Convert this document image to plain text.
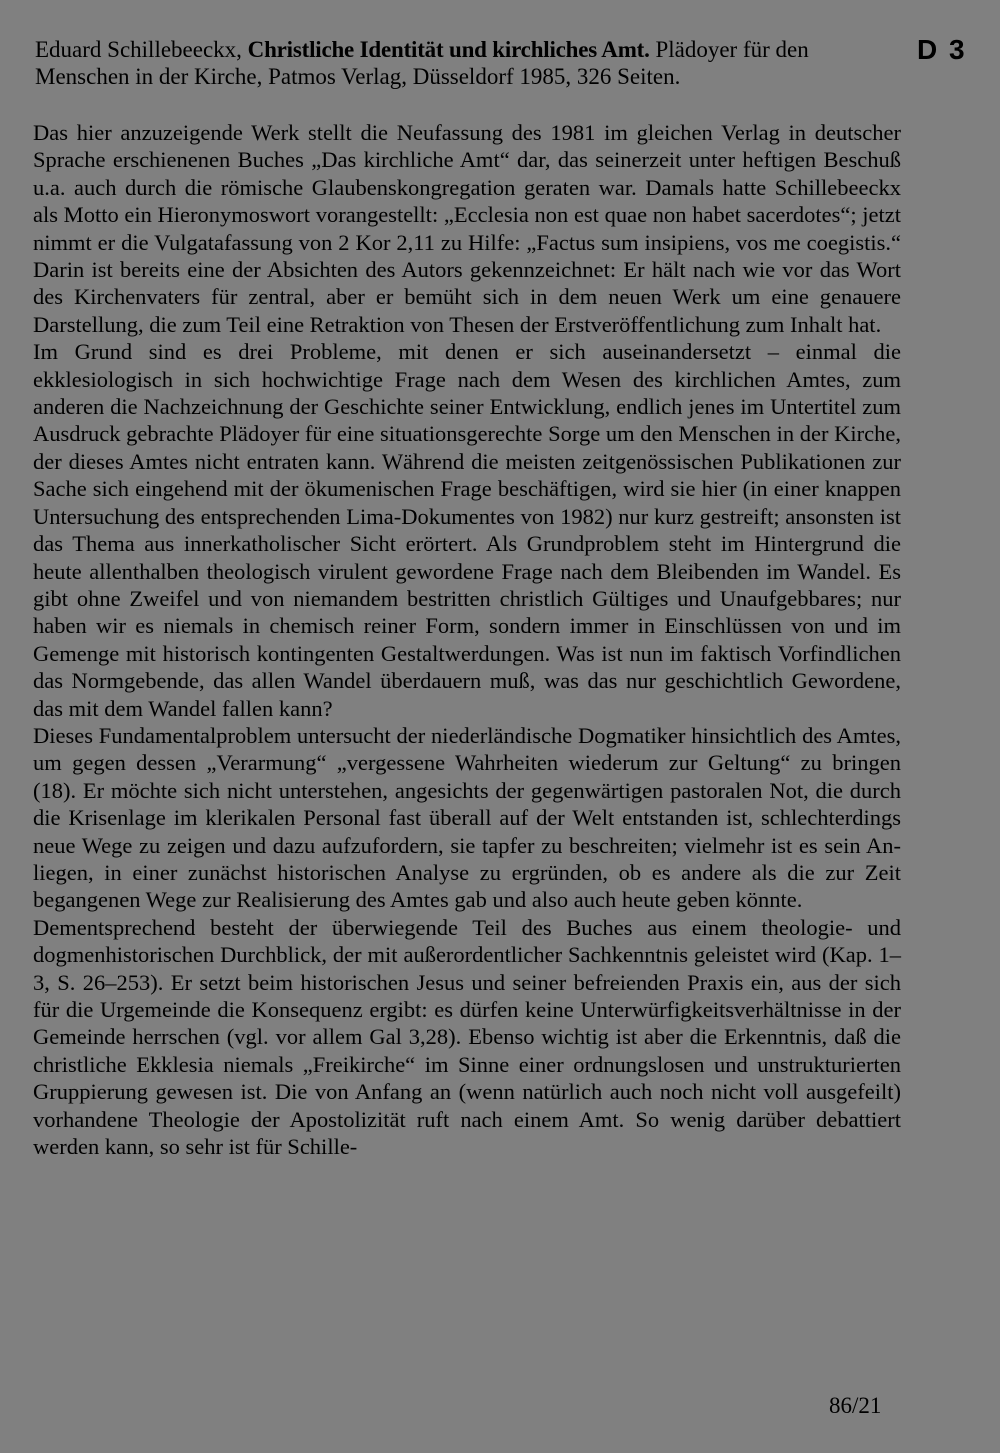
Eduard Schillebeeckx, Christliche Identität und kirchliches Amt. Plädoyer für den Menschen in der Kirche, Patmos Verlag, Düsseldorf 1985, 326 Seiten.
D 3

Das hier anzuzeigende Werk stellt die Neufassung des 1981 im gleichen Verlag in deutscher Sprache erschienenen Buches „Das kirchliche Amt“ dar, das seinerzeit unter heftigen Beschuß u.a. auch durch die römische Glaubenskongregation geraten war. Damals hatte Schillebeeckx als Motto ein Hieronymoswort vorangestellt: „Ecclesia non est quae non habet sacerdotes“; jetzt nimmt er die Vulgatafassung von 2 Kor 2,11 zu Hilfe: „Factus sum insipiens, vos me coegistis.“ Darin ist bereits eine der Absichten des Autors gekennzeichnet: Er hält nach wie vor das Wort des Kirchenvaters für zentral, aber er bemüht sich in dem neuen Werk um eine genauere Darstellung, die zum Teil eine Retraktion von Thesen der Erstveröffentlichung zum Inhalt hat.

Im Grund sind es drei Probleme, mit denen er sich auseinandersetzt – einmal die ekklesiologisch in sich hochwichtige Frage nach dem Wesen des kirchlichen Amtes, zum anderen die Nachzeichnung der Geschichte seiner Entwicklung, endlich jenes im Untertitel zum Ausdruck gebrachte Plädoyer für eine situationsgerechte Sorge um den Menschen in der Kirche, der dieses Amtes nicht entraten kann. Während die meisten zeitgenössischen Publikationen zur Sache sich eingehend mit der ökumenischen Frage beschäftigen, wird sie hier (in einer knappen Untersuchung des entsprechenden Lima-Dokumentes von 1982) nur kurz gestreift; ansonsten ist das Thema aus innerkatholischer Sicht erörtert. Als Grundproblem steht im Hintergrund die heute allenthalben theologisch virulent gewordene Frage nach dem Bleibenden im Wandel. Es gibt ohne Zweifel und von niemandem bestritten christlich Gültiges und Unaufgebbares; nur haben wir es niemals in chemisch reiner Form, sondern immer in Einschlüssen von und im Gemenge mit historisch kontingenten Gestaltwerdungen. Was ist nun im faktisch Vorfindlichen das Normgebende, das allen Wandel überdauern muß, was das nur geschichtlich Gewordene, das mit dem Wandel fallen kann?

Dieses Fundamentalproblem untersucht der niederländische Dogmatiker hinsichtlich des Amtes, um gegen dessen „Verarmung“ „vergessene Wahrheiten wiederum zur Geltung“ zu bringen (18). Er möchte sich nicht unterstehen, angesichts der gegenwärtigen pastoralen Not, die durch die Krisenlage im klerikalen Personal fast überall auf der Welt entstanden ist, schlechterdings neue Wege zu zeigen und dazu aufzufordern, sie tapfer zu beschreiten; vielmehr ist es sein Anliegen, in einer zunächst historischen Analyse zu ergründen, ob es andere als die zur Zeit begangenen Wege zur Realisierung des Amtes gab und also auch heute geben könnte.

Dementsprechend besteht der überwiegende Teil des Buches aus einem theologie- und dogmenhistorischen Durchblick, der mit außerordentlicher Sachkenntnis geleistet wird (Kap. 1–3, S. 26–253). Er setzt beim historischen Jesus und seiner befreienden Praxis ein, aus der sich für die Urgemeinde die Konsequenz ergibt: es dürfen keine Unterwürfigkeitsverhältnisse in der Gemeinde herrschen (vgl. vor allem Gal 3,28). Ebenso wichtig ist aber die Erkenntnis, daß die christliche Ekklesia niemals „Freikirche“ im Sinne einer ordnungslosen und unstrukturierten Gruppierung gewesen ist. Die von Anfang an (wenn natürlich auch noch nicht voll ausgefeilt) vorhandene Theologie der Apostolizität ruft nach einem Amt. So wenig darüber debattiert werden kann, so sehr ist für Schille-

86/21
